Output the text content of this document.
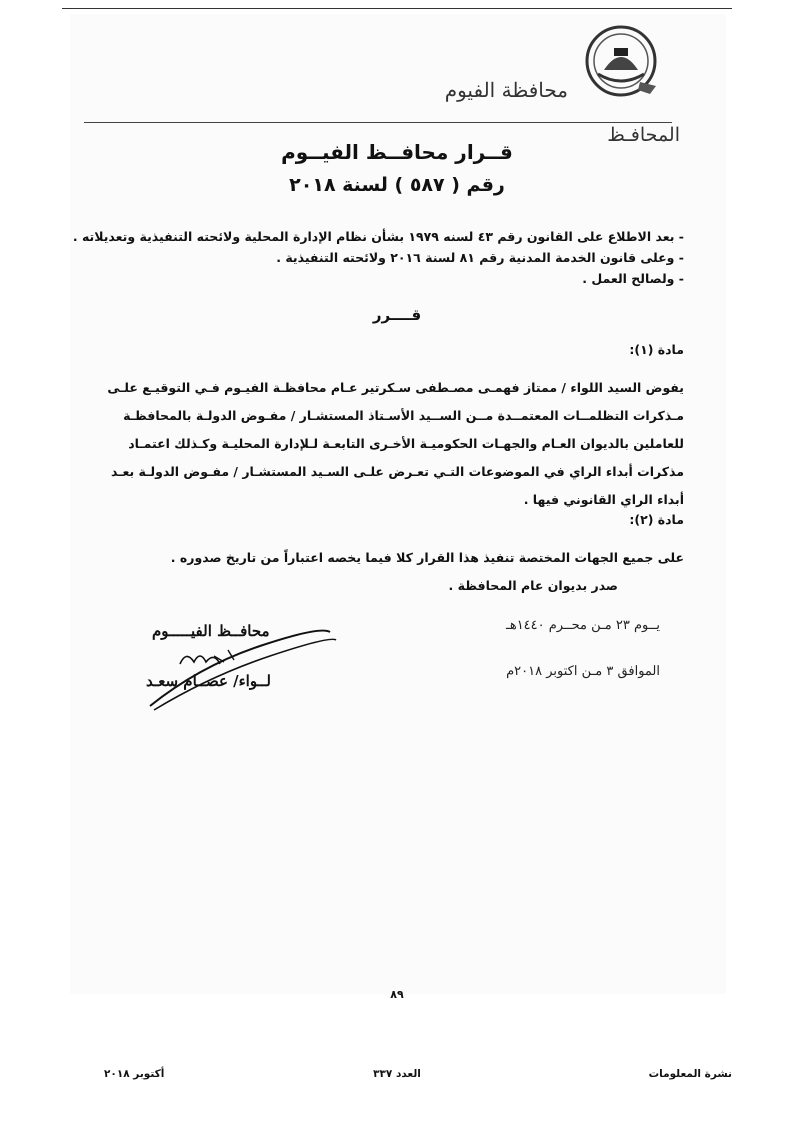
محافظة الفيوم
المحافـظ
قــرار محافــظ الفيــوم
رقم ( ٥٨٧ ) لسنة ٢٠١٨
- بعد الاطلاع على القانون رقم ٤٣ لسنه ١٩٧٩ بشأن نظام الإدارة المحلية ولائحته التنفيذية وتعديلاته .
- وعلى قانون الخدمة المدنية رقم ٨١ لسنة ٢٠١٦ ولائحته التنفيذية .
- ولصالح العمل .
قــــرر
مادة (١):
يفوض السيد اللواء / ممتاز فهمـى مصـطفى سـكرتير عـام محافظـة الفيـوم فـي التوقيـع علـى
مـذكرات التظلمــات المعتمــدة مــن الســيد الأسـتاذ المستشـار / مفـوض الدولـة بالمحافظـة
للعاملين بالديوان العـام والجهـات الحكوميـة الأخـرى التابعـة لـلإدارة المحليـة وكـذلك اعتمـاد
مذكرات أبداء الراي في الموضوعات التـي تعـرض علـى السـيد المستشـار / مفـوض الدولـة بعـد
أبداء الراي القانوني فيها .
مادة (٢):
على جميع الجهات المختصة تنفيذ هذا القرار كلا فيما يخصه اعتباراً من تاريخ صدوره .
صدر بديوان عام المحافظة .
محافــظ الفيـــــوم
لــواء/ عصــام سعـد
يــوم ٢٣ مـن محــرم ١٤٤٠هـ
الموافق ٣ مـن اكتوبر ٢٠١٨م
٨٩
نشرة المعلومات
العدد ٣٣٧
أكتوبر ٢٠١٨
